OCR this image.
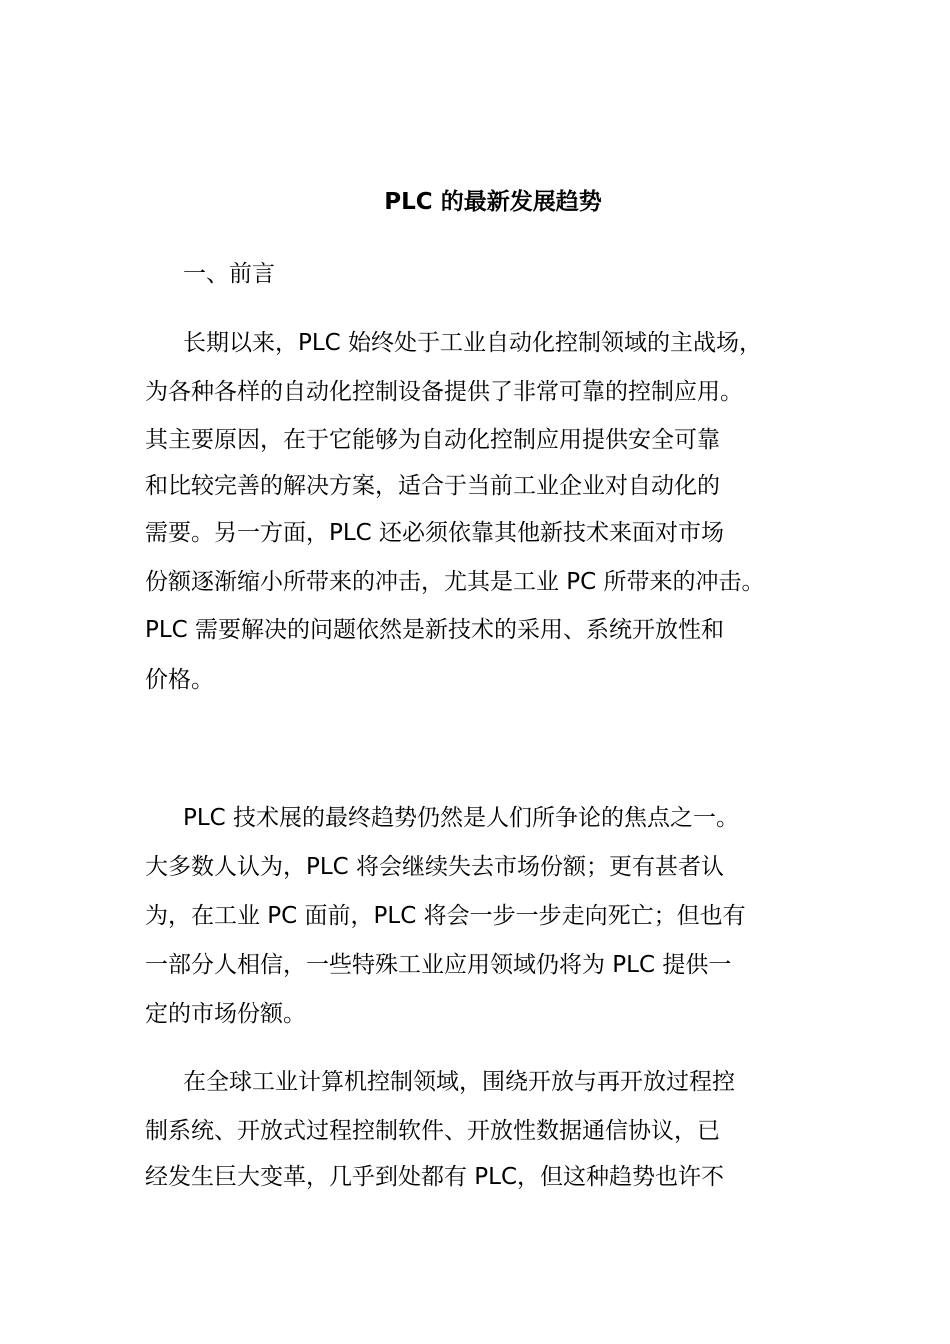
PLC 的最新发展趋势
一、前言
长期以来，PLC 始终处于工业自动化控制领域的主战场，
为各种各样的自动化控制设备提供了非常可靠的控制应用。
其主要原因，在于它能够为自动化控制应用提供安全可靠
和比较完善的解决方案，适合于当前工业企业对自动化的
需要。另一方面，PLC 还必须依靠其他新技术来面对市场
份额逐渐缩小所带来的冲击，尤其是工业 PC 所带来的冲击。
PLC 需要解决的问题依然是新技术的采用、系统开放性和
价格。
PLC 技术展的最终趋势仍然是人们所争论的焦点之一。
大多数人认为，PLC 将会继续失去市场份额；更有甚者认
为，在工业 PC 面前，PLC 将会一步一步走向死亡；但也有
一部分人相信，一些特殊工业应用领域仍将为 PLC 提供一
定的市场份额。
在全球工业计算机控制领域，围绕开放与再开放过程控
制系统、开放式过程控制软件、开放性数据通信协议，已
经发生巨大变革，几乎到处都有 PLC，但这种趋势也许不
